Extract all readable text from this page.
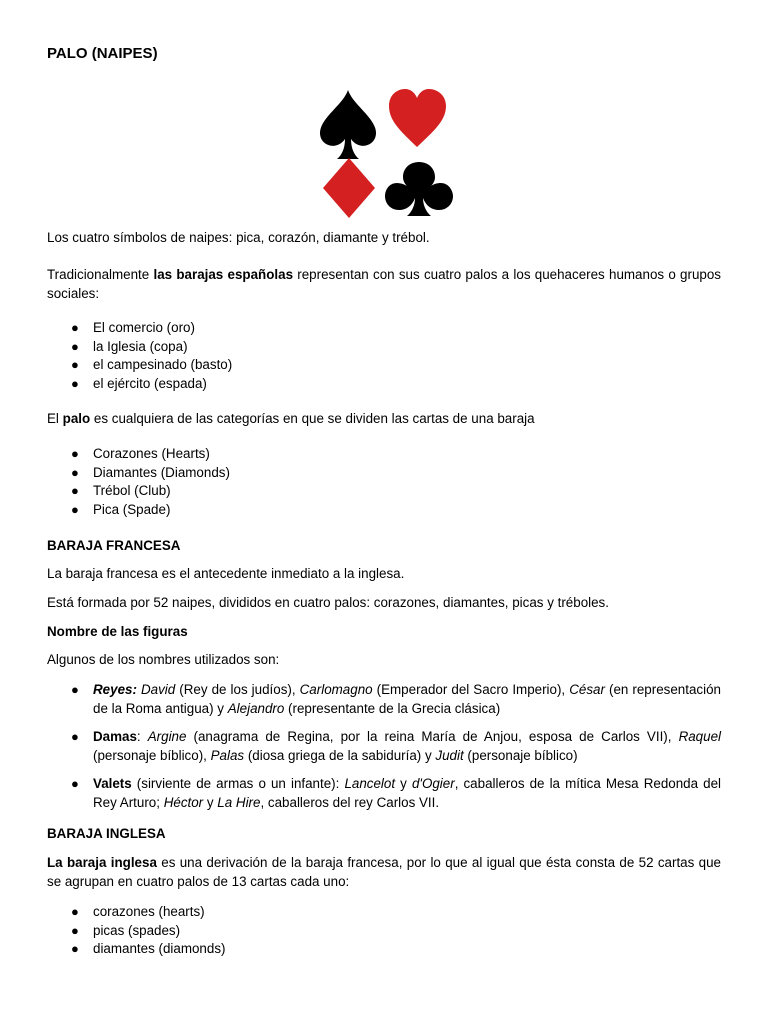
PALO (NAIPES)
Los cuatro símbolos de naipes: pica, corazón, diamante y trébol.

Tradicionalmente las barajas españolas representan con sus cuatro palos a los quehaceres humanos o grupos sociales:

● El comercio (oro)
● la Iglesia (copa)
● el campesinado (basto)
● el ejército (espada)

El palo es cualquiera de las categorías en que se dividen las cartas de una baraja

● Corazones (Hearts)
● Diamantes (Diamonds)
● Trébol (Club)
● Pica (Spade)
BARAJA FRANCESA
La baraja francesa es el antecedente inmediato a la inglesa.
Está formada por 52 naipes, divididos en cuatro palos: corazones, diamantes, picas y tréboles.
Nombre de las figuras
Algunos de los nombres utilizados son:
● Reyes: David (Rey de los judíos), Carlomagno (Emperador del Sacro Imperio), César (en representación de la Roma antigua) y Alejandro (representante de la Grecia clásica)
● Damas: Argine (anagrama de Regina, por la reina María de Anjou, esposa de Carlos VII), Raquel (personaje bíblico), Palas (diosa griega de la sabiduría) y Judit (personaje bíblico)
● Valets (sirviente de armas o un infante): Lancelot y d'Ogier, caballeros de la mítica Mesa Redonda del Rey Arturo; Héctor y La Hire, caballeros del rey Carlos VII.
BARAJA INGLESA

La baraja inglesa es una derivación de la baraja francesa, por lo que al igual que ésta consta de 52 cartas que se agrupan en cuatro palos de 13 cartas cada uno:

● corazones (hearts)
● picas (spades)
● diamantes (diamonds)
